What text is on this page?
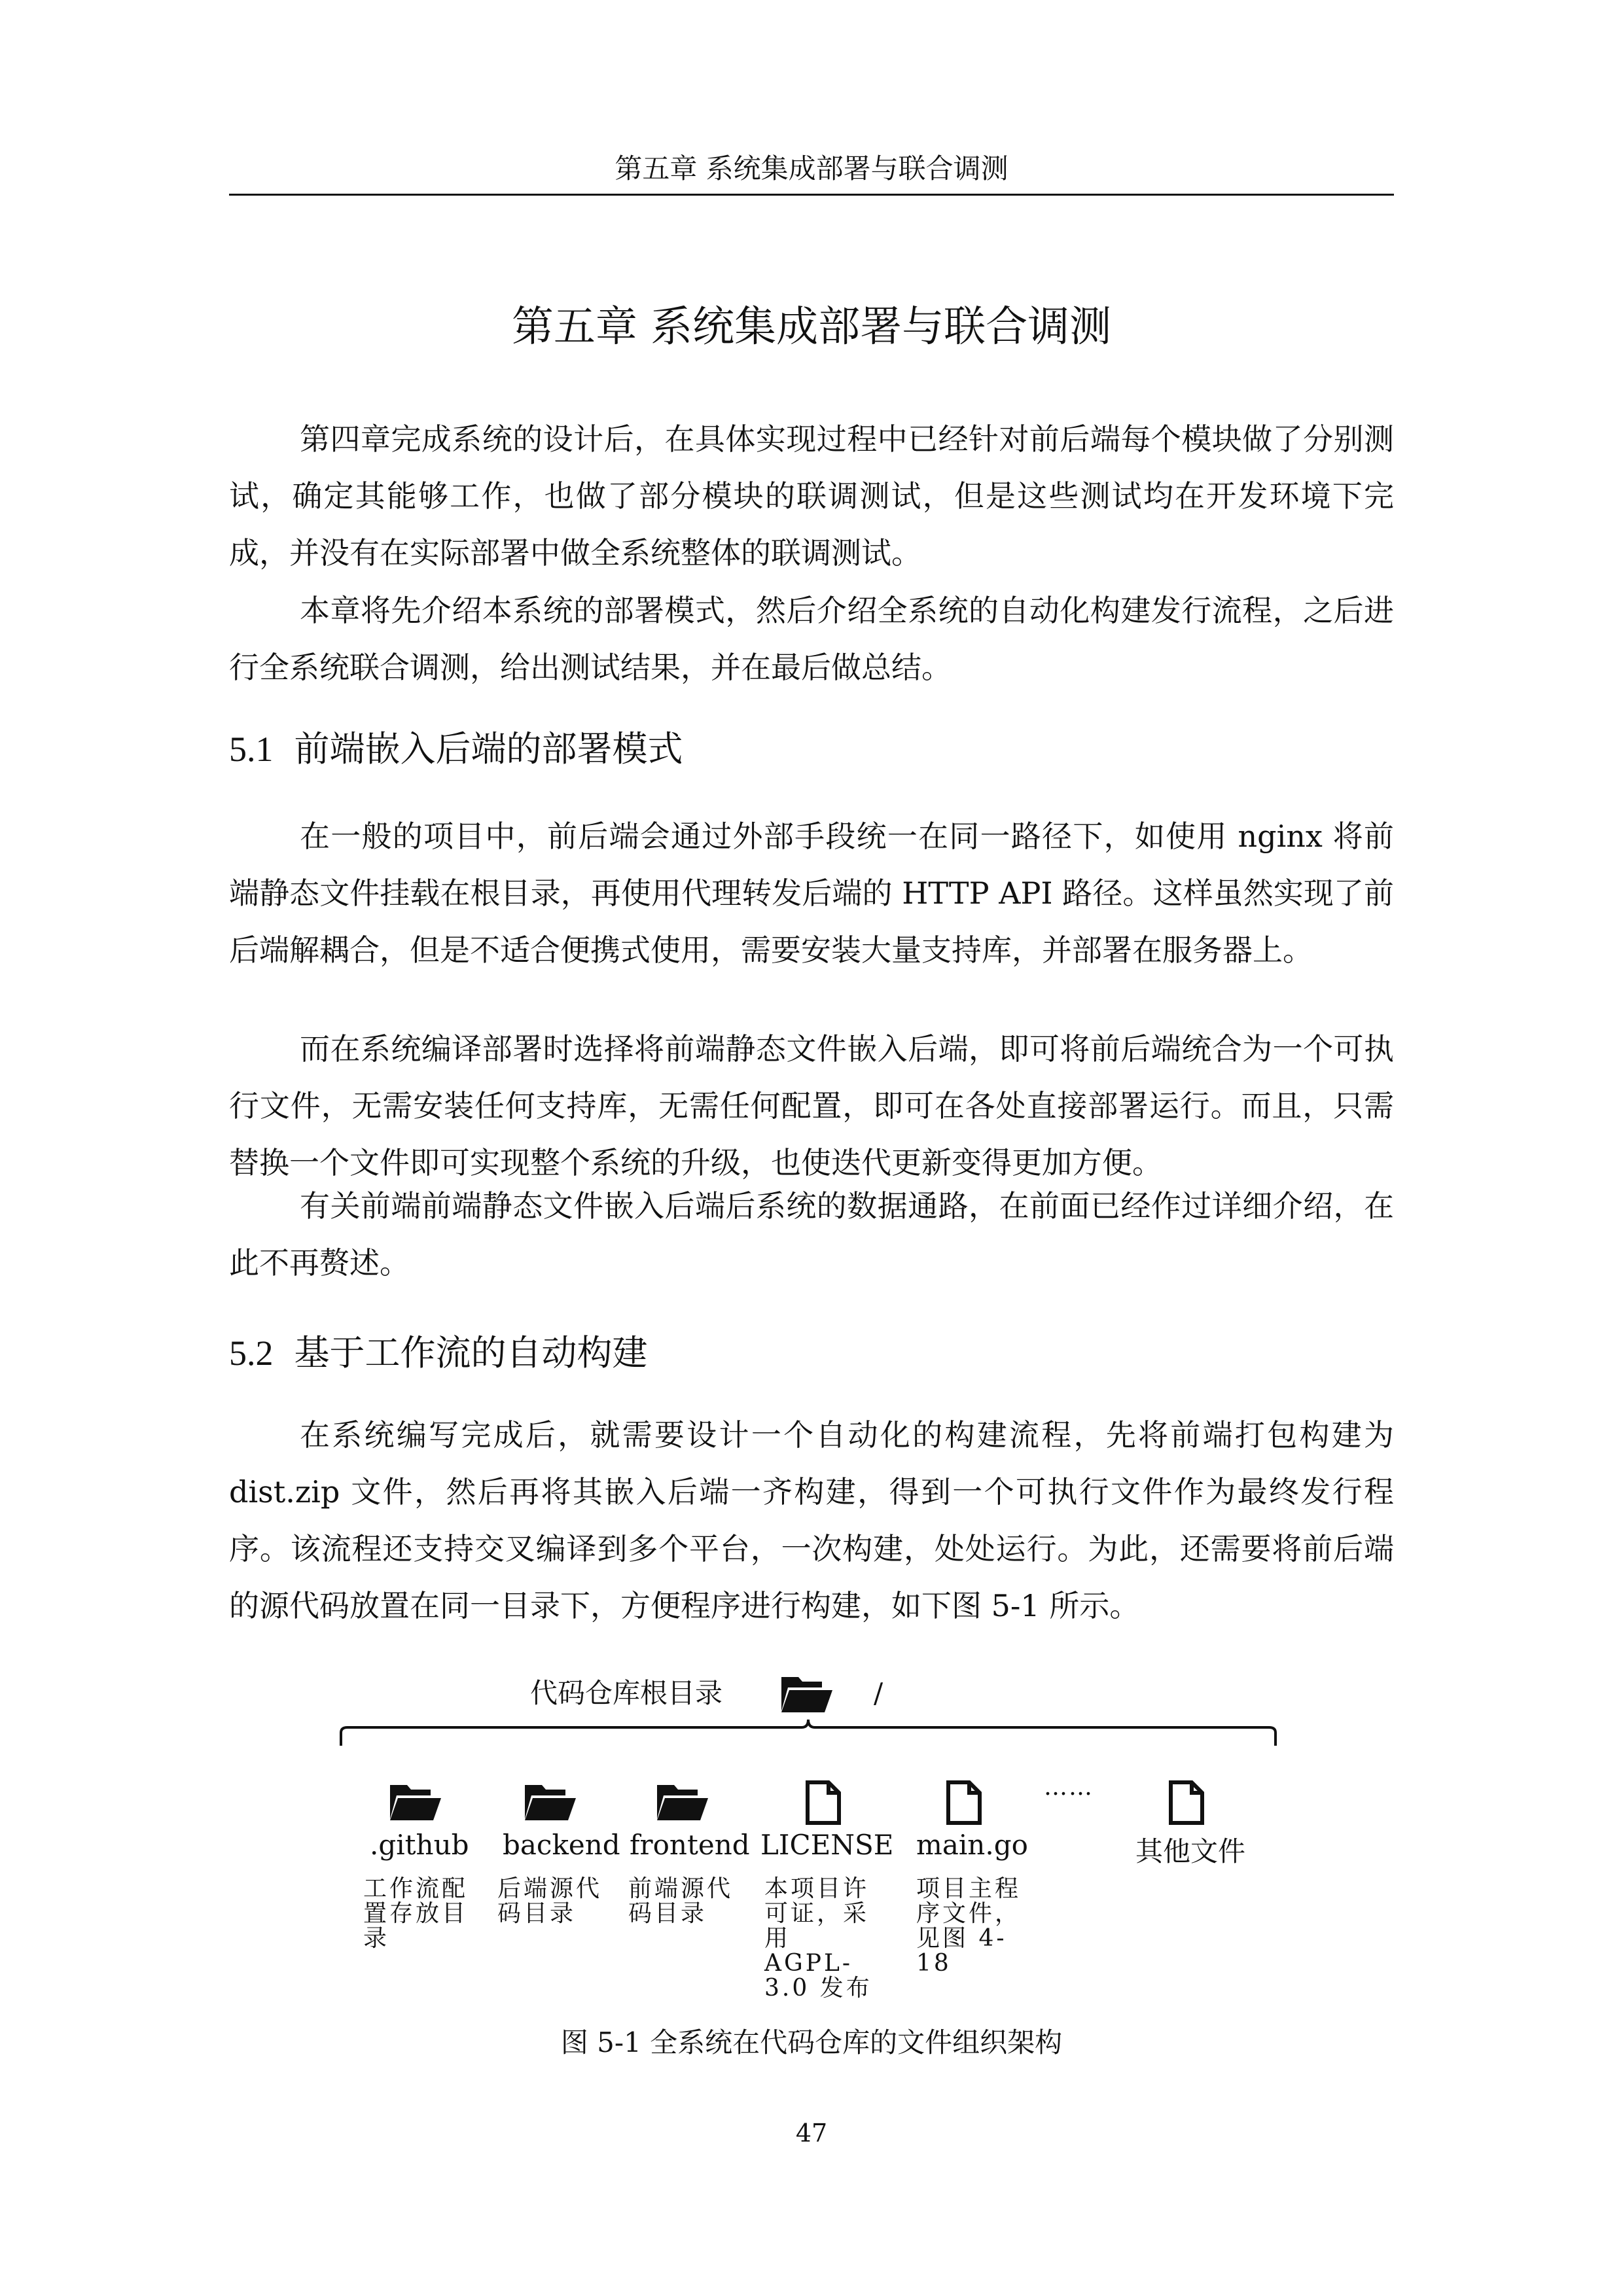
第五章 系统集成部署与联合调测
第五章 系统集成部署与联合调测

第四章完成系统的设计后，在具体实现过程中已经针对前后端每个模块做了分别测试，确定其能够工作，也做了部分模块的联调测试，但是这些测试均在开发环境下完成，并没有在实际部署中做全系统整体的联调测试。

本章将先介绍本系统的部署模式，然后介绍全系统的自动化构建发行流程，之后进行全系统联合调测，给出测试结果，并在最后做总结。

5.1 前端嵌入后端的部署模式

在一般的项目中，前后端会通过外部手段统一在同一路径下，如使用 nginx 将前端静态文件挂载在根目录，再使用代理转发后端的 HTTP API 路径。这样虽然实现了前后端解耦合，但是不适合便携式使用，需要安装大量支持库，并部署在服务器上。

而在系统编译部署时选择将前端静态文件嵌入后端，即可将前后端统合为一个可执行文件，无需安装任何支持库，无需任何配置，即可在各处直接部署运行。而且，只需替换一个文件即可实现整个系统的升级，也使迭代更新变得更加方便。

有关前端前端静态文件嵌入后端后系统的数据通路，在前面已经作过详细介绍，在此不再赘述。

5.2 基于工作流的自动构建

在系统编写完成后，就需要设计一个自动化的构建流程，先将前端打包构建为 dist.zip 文件，然后再将其嵌入后端一齐构建，得到一个可执行文件作为最终发行程序。该流程还支持交叉编译到多个平台，一次构建，处处运行。为此，还需要将前后端的源代码放置在同一目录下，方便程序进行构建，如下图 5-1 所示。

代码仓库根目录	/
.github
工作流配置存放目录
backend
后端源代码目录
frontend
前端源代码目录
LICENSE
本项目许可证，采用 AGPL-3.0 发布
main.go
项目主程序文件，见图 4-18
……
其他文件
图 5-1 全系统在代码仓库的文件组织架构
47
